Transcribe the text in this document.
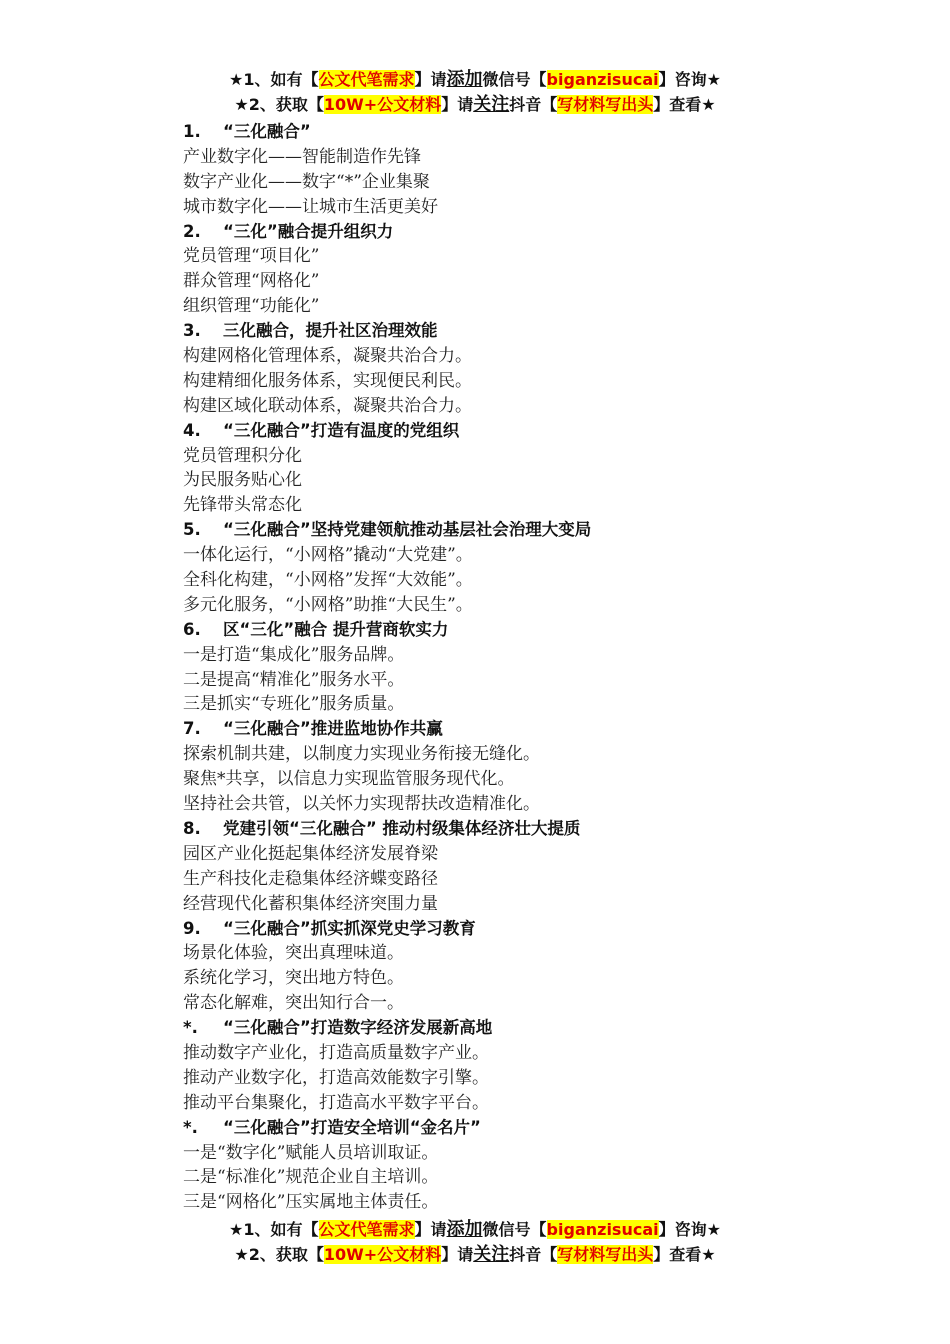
★1、如有【公文代笔需求】请添加微信号【biganzisucai】咨询★
★2、获取【10W+公文材料】请关注抖音【写材料写出头】查看★
1. “三化融合”
产业数字化——智能制造作先锋
数字产业化——数字“*”企业集聚
城市数字化——让城市生活更美好
2. “三化”融合提升组织力
党员管理“项目化”
群众管理“网格化”
组织管理“功能化”
3. 三化融合，提升社区治理效能
构建网格化管理体系，凝聚共治合力。
构建精细化服务体系，实现便民利民。
构建区域化联动体系，凝聚共治合力。
4. “三化融合”打造有温度的党组织
党员管理积分化
为民服务贴心化
先锋带头常态化
5. “三化融合”坚持党建领航推动基层社会治理大变局
一体化运行，“小网格”撬动“大党建”。
全科化构建，“小网格”发挥“大效能”。
多元化服务，“小网格”助推“大民生”。
6. 区“三化”融合 提升营商软实力
一是打造“集成化”服务品牌。
二是提高“精准化”服务水平。
三是抓实“专班化”服务质量。
7. “三化融合”推进监地协作共赢
探索机制共建，以制度力实现业务衔接无缝化。
聚焦*共享，以信息力实现监管服务现代化。
坚持社会共管，以关怀力实现帮扶改造精准化。
8. 党建引领“三化融合” 推动村级集体经济壮大提质
园区产业化挺起集体经济发展脊梁
生产科技化走稳集体经济蝶变路径
经营现代化蓄积集体经济突围力量
9. “三化融合”抓实抓深党史学习教育
场景化体验，突出真理味道。
系统化学习，突出地方特色。
常态化解难，突出知行合一。
*. “三化融合”打造数字经济发展新高地
推动数字产业化，打造高质量数字产业。
推动产业数字化，打造高效能数字引擎。
推动平台集聚化，打造高水平数字平台。
*. “三化融合”打造安全培训“金名片”
一是“数字化”赋能人员培训取证。
二是“标准化”规范企业自主培训。
三是“网格化”压实属地主体责任。
★1、如有【公文代笔需求】请添加微信号【biganzisucai】咨询★
★2、获取【10W+公文材料】请关注抖音【写材料写出头】查看★
